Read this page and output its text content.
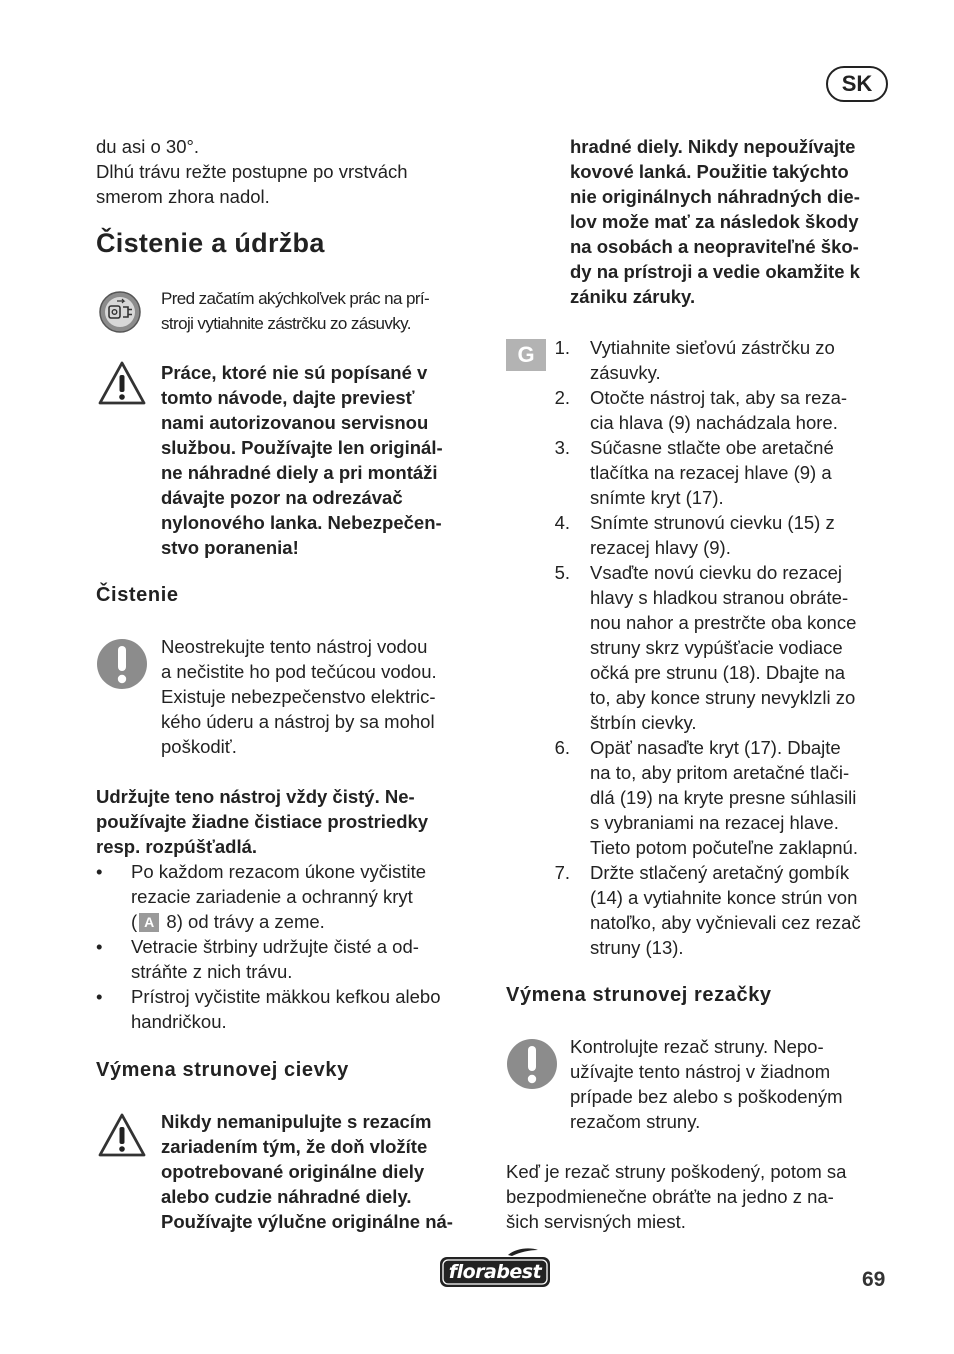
SK
du asi o 30°.
Dlhú trávu režte postupne po vrstvách
smerom zhora nadol.
Čistenie a údržba
Pred začatím akýchkoľvek prác na prí-
stroji vytiahnite zástrčku zo zásuvky.
Práce, ktoré nie sú popísané v
tomto návode, dajte previesť
nami autorizovanou servisnou
službou. Používajte len originál-
ne náhradné diely a pri montáži
dávajte pozor na odrezávač
nylonového lanka. Nebezpečen-
stvo poranenia!
Čistenie
Neostrekujte tento nástroj vodou
a nečistite ho pod tečúcou vodou.
Existuje nebezpečenstvo elektric-
kého úderu a nástroj by sa mohol
poškodiť.
Udržujte teno nástroj vždy čistý. Ne-
používajte žiadne čistiace prostriedky
resp. rozpúšťadlá.
• Po každom rezacom úkone vyčistite
rezacie zariadenie a ochranný kryt
( A 8) od trávy a zeme.
• Vetracie štrbiny udržujte čisté a od-
stráňte z nich trávu.
• Prístroj vyčistite mäkkou kefkou alebo
handričkou.
Výmena strunovej cievky
Nikdy nemanipulujte s rezacím
zariadením tým, že doň vložíte
opotrebované originálne diely
alebo cudzie náhradné diely.
Používajte výlučne originálne ná-
hradné diely. Nikdy nepoužívajte
kovové lanká. Použitie takýchto
nie originálnych náhradných die-
lov može mať za následok škody
na osobách a neopraviteľné ško-
dy na prístroji a vedie okamžite k
zániku záruky.
G	1. Vytiahnite sieťovú zástrčku zo
zásuvky.
2. Otočte nástroj tak, aby sa reza-
cia hlava (9) nachádzala hore.
3. Súčasne stlačte obe aretačné
tlačítka na rezacej hlave (9) a
snímte kryt (17).
4. Snímte strunovú cievku (15) z
rezacej hlavy (9).
5. Vsaďte novú cievku do rezacej
hlavy s hladkou stranou obráte-
nou nahor a prestrčte oba konce
struny skrz vypúšťacie vodiace
očká pre strunu (18). Dbajte na
to, aby konce struny nevyklzli zo
štrbín cievky.
6. Opäť nasaďte kryt (17). Dbajte
na to, aby pritom aretačné tlači-
dlá (19) na kryte presne súhlasili
s vybraniami na rezacej hlave.
Tieto potom počuteľne zaklapnú.
7. Držte stlačený aretačný gombík
(14) a vytiahnite konce strún von
natoľko, aby vyčnievali cez rezač
struny (13).
Výmena strunovej rezačky
Kontrolujte rezač struny. Nepo-
užívajte tento nástroj v žiadnom
prípade bez alebo s poškodeným
rezačom struny.
Keď je rezač struny poškodený, potom sa
bezpodmienečne obráťte na jedno z na-
šich servisných miest.
florabest	69
